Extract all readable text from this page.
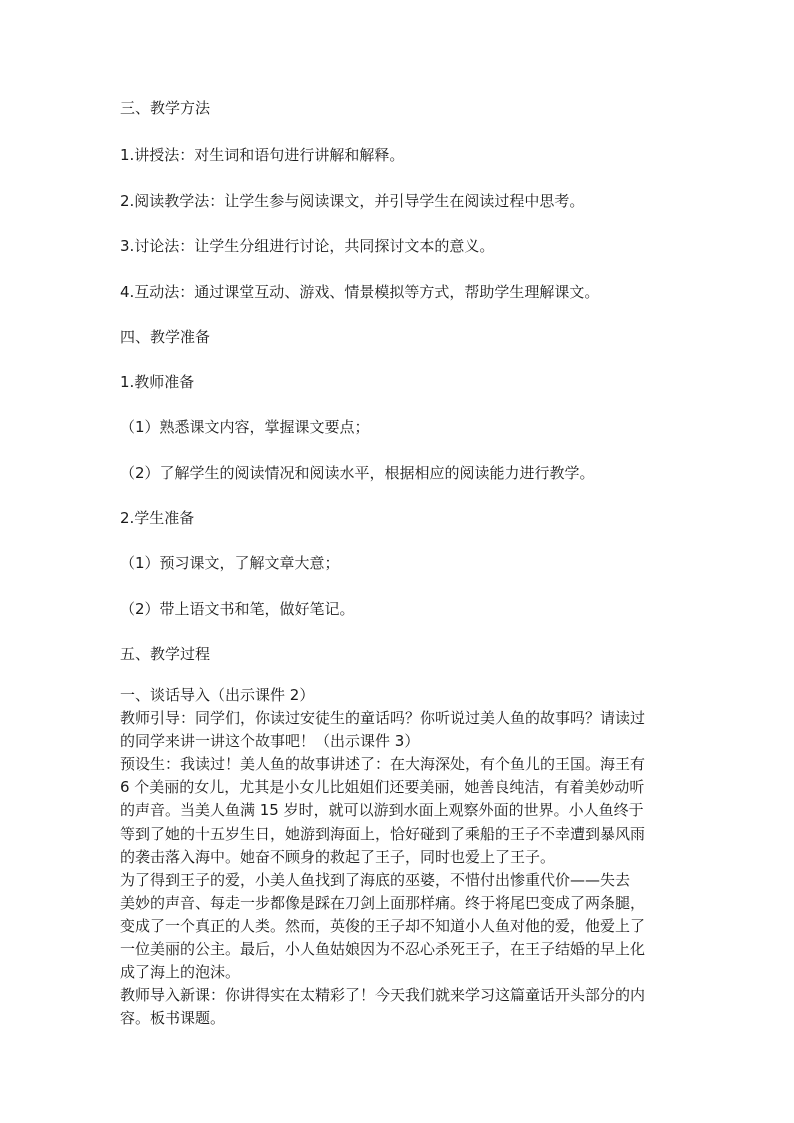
三、教学方法

1.讲授法：对生词和语句进行讲解和解释。

2.阅读教学法：让学生参与阅读课文，并引导学生在阅读过程中思考。

3.讨论法：让学生分组进行讨论，共同探讨文本的意义。

4.互动法：通过课堂互动、游戏、情景模拟等方式，帮助学生理解课文。

四、教学准备

1.教师准备

（1）熟悉课文内容，掌握课文要点；

（2）了解学生的阅读情况和阅读水平，根据相应的阅读能力进行教学。

2.学生准备

（1）预习课文，了解文章大意；

（2）带上语文书和笔，做好笔记。

五、教学过程

一、谈话导入（出示课件 2）
教师引导：同学们，你读过安徒生的童话吗？你听说过美人鱼的故事吗？请读过
的同学来讲一讲这个故事吧！（出示课件 3）
预设生：我读过！美人鱼的故事讲述了：在大海深处，有个鱼儿的王国。海王有
6 个美丽的女儿，尤其是小女儿比姐姐们还要美丽，她善良纯洁，有着美妙动听
的声音。当美人鱼满 15 岁时，就可以游到水面上观察外面的世界。小人鱼终于
等到了她的十五岁生日，她游到海面上，恰好碰到了乘船的王子不幸遭到暴风雨
的袭击落入海中。她奋不顾身的救起了王子，同时也爱上了王子。
为了得到王子的爱，小美人鱼找到了海底的巫婆，不惜付出惨重代价——失去
美妙的声音、每走一步都像是踩在刀剑上面那样痛。终于将尾巴变成了两条腿，
变成了一个真正的人类。然而，英俊的王子却不知道小人鱼对他的爱，他爱上了
一位美丽的公主。最后，小人鱼姑娘因为不忍心杀死王子，在王子结婚的早上化
成了海上的泡沫。
教师导入新课：你讲得实在太精彩了！今天我们就来学习这篇童话开头部分的内
容。板书课题。
